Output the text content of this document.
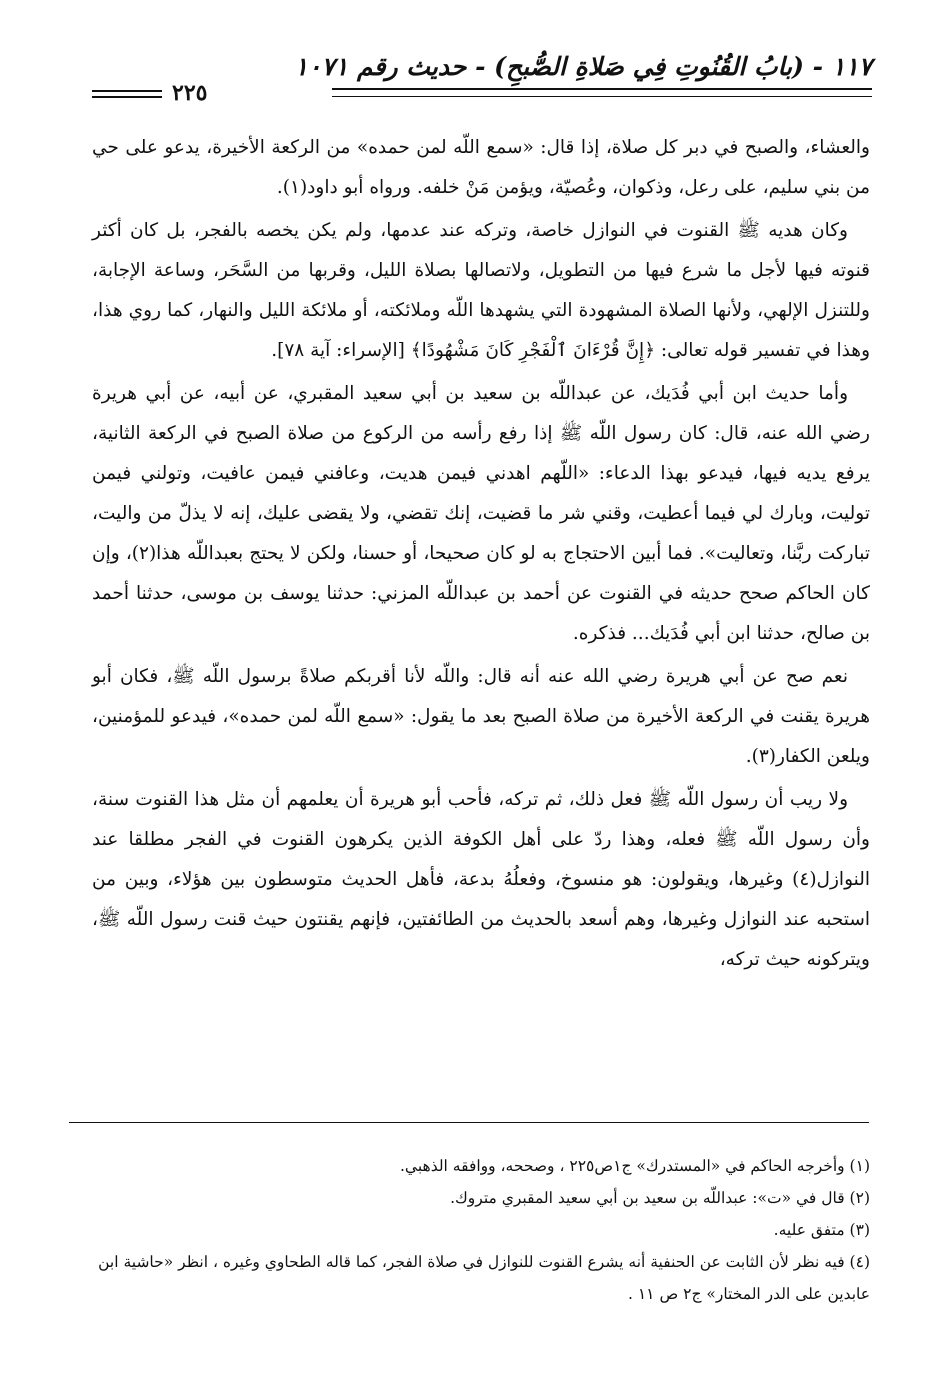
١١٧ - (بابُ القُنُوتِ فِي صَلاةِ الصُّبحِ) - حديث رقم ١٠٧١
٢٢٥

والعشاء، والصبح في دبر كل صلاة، إذا قال: «سمع اللّه لمن حمده» من الركعة الأخيرة، يدعو على حي من بني سليم، على رعل، وذكوان، وعُصيّة، ويؤمن مَنْ خلفه. ورواه أبو داود(١).

وكان هديه ﷺ القنوت في النوازل خاصة، وتركه عند عدمها، ولم يكن يخصه بالفجر، بل كان أكثر قنوته فيها لأجل ما شرع فيها من التطويل، ولاتصالها بصلاة الليل، وقربها من السَّحَر، وساعة الإجابة، وللتنزل الإلهي، ولأنها الصلاة المشهودة التي يشهدها اللّه وملائكته، أو ملائكة الليل والنهار، كما روي هذا، وهذا في تفسير قوله تعالى: ﴿إِنَّ قُرْءَانَ ٱلْفَجْرِ كَانَ مَشْهُودًا﴾ [الإسراء: آية ٧٨].

وأما حديث ابن أبي فُدَيك، عن عبداللّه بن سعيد بن أبي سعيد المقبري، عن أبيه، عن أبي هريرة رضي الله عنه، قال: كان رسول اللّه ﷺ إذا رفع رأسه من الركوع من صلاة الصبح في الركعة الثانية، يرفع يديه فيها، فيدعو بهذا الدعاء: «اللّهم اهدني فيمن هديت، وعافني فيمن عافيت، وتولني فيمن توليت، وبارك لي فيما أعطيت، وقني شر ما قضيت، إنك تقضي، ولا يقضى عليك، إنه لا يذلّ من واليت، تباركت ربَّنا، وتعاليت». فما أبين الاحتجاج به لو كان صحيحا، أو حسنا، ولكن لا يحتج بعبداللّه هذا(٢)، وإن كان الحاكم صحح حديثه في القنوت عن أحمد بن عبداللّه المزني: حدثنا يوسف بن موسى، حدثنا أحمد بن صالح، حدثنا ابن أبي فُدَيك... فذكره.

نعم صح عن أبي هريرة رضي الله عنه أنه قال: واللّه لأنا أقربكم صلاةً برسول اللّه ﷺ، فكان أبو هريرة يقنت في الركعة الأخيرة من صلاة الصبح بعد ما يقول: «سمع اللّه لمن حمده»، فيدعو للمؤمنين، ويلعن الكفار(٣).

ولا ريب أن رسول اللّه ﷺ فعل ذلك، ثم تركه، فأحب أبو هريرة أن يعلمهم أن مثل هذا القنوت سنة، وأن رسول اللّه ﷺ فعله، وهذا ردّ على أهل الكوفة الذين يكرهون القنوت في الفجر مطلقا عند النوازل(٤) وغيرها، ويقولون: هو منسوخ، وفعلُهُ بدعة، فأهل الحديث متوسطون بين هؤلاء، وبين من استحبه عند النوازل وغيرها، وهم أسعد بالحديث من الطائفتين، فإنهم يقنتون حيث قنت رسول اللّه ﷺ، ويتركونه حيث تركه،

(١) وأخرجه الحاكم في «المستدرك» ج١ص٢٢٥ ، وصححه، ووافقه الذهبي.
(٢) قال في «ت»: عبداللّه بن سعيد بن أبي سعيد المقبري متروك.
(٣) متفق عليه.
(٤) فيه نظر لأن الثابت عن الحنفية أنه يشرع القنوت للنوازل في صلاة الفجر، كما قاله الطحاوي وغيره ، انظر «حاشية ابن عابدين على الدر المختار» ج٢ ص ١١ .
